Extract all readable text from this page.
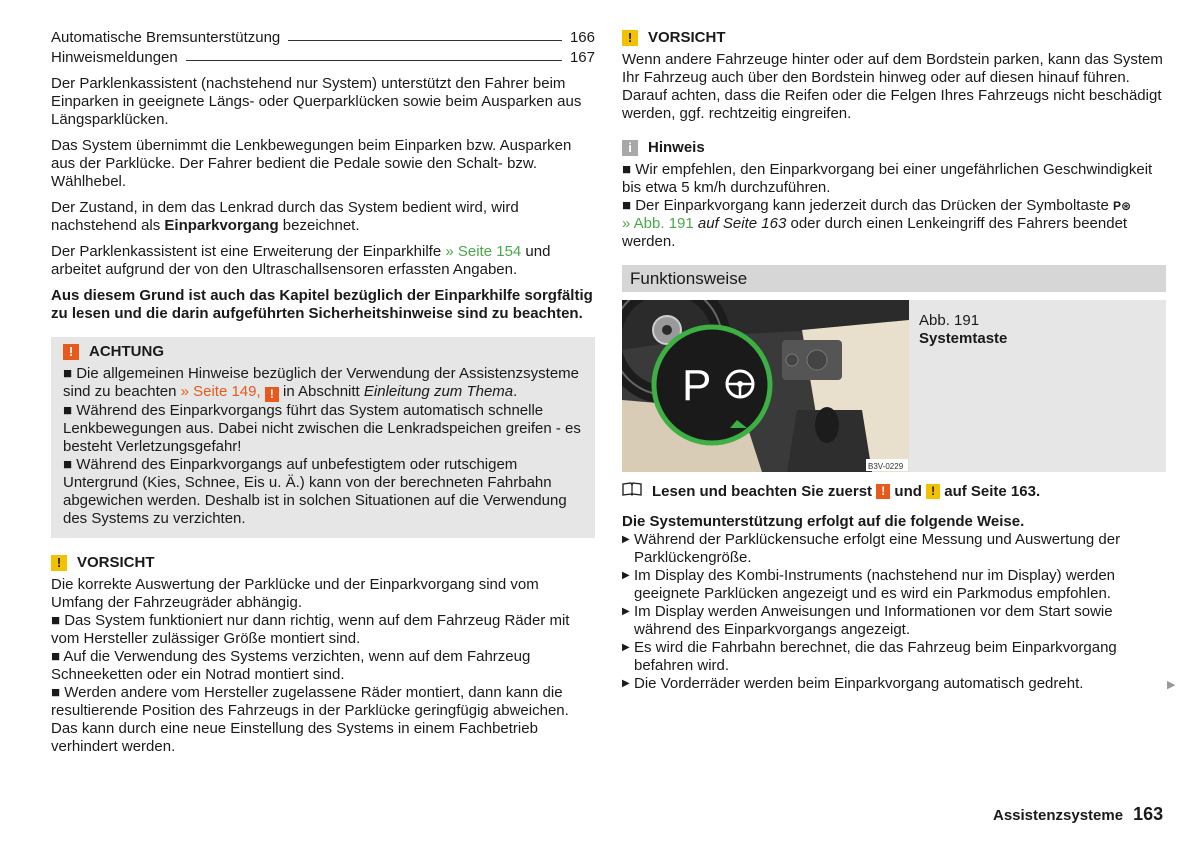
Automatische Bremsunterstützung	166
Hinweismeldungen	167

Der Parklenkassistent (nachstehend nur System) unterstützt den Fahrer beim Einparken in geeignete Längs- oder Querparklücken sowie beim Ausparken aus Längsparklücken.

Das System übernimmt die Lenkbewegungen beim Einparken bzw. Ausparken aus der Parklücke. Der Fahrer bedient die Pedale sowie den Schalt- bzw. Wählhebel.

Der Zustand, in dem das Lenkrad durch das System bedient wird, wird nachstehend als Einparkvorgang bezeichnet.

Der Parklenkassistent ist eine Erweiterung der Einparkhilfe » Seite 154 und arbeitet aufgrund der von den Ultraschallsensoren erfassten Angaben.

Aus diesem Grund ist auch das Kapitel bezüglich der Einparkhilfe sorgfältig zu lesen und die darin aufgeführten Sicherheitshinweise sind zu beachten.

!	ACHTUNG
■ Die allgemeinen Hinweise bezüglich der Verwendung der Assistenzsysteme sind zu beachten » Seite 149, ! in Abschnitt Einleitung zum Thema.
■ Während des Einparkvorgangs führt das System automatisch schnelle Lenkbewegungen aus. Dabei nicht zwischen die Lenkradspeichen greifen - es besteht Verletzungsgefahr!
■ Während des Einparkvorgangs auf unbefestigtem oder rutschigem Untergrund (Kies, Schnee, Eis u. Ä.) kann von der berechneten Fahrbahn abgewichen werden. Deshalb ist in solchen Situationen auf die Verwendung des Systems zu verzichten.
!	VORSICHT
Die korrekte Auswertung der Parklücke und der Einparkvorgang sind vom Umfang der Fahrzeugräder abhängig.
■ Das System funktioniert nur dann richtig, wenn auf dem Fahrzeug Räder mit vom Hersteller zulässiger Größe montiert sind.
■ Auf die Verwendung des Systems verzichten, wenn auf dem Fahrzeug Schneeketten oder ein Notrad montiert sind.
■ Werden andere vom Hersteller zugelassene Räder montiert, dann kann die resultierende Position des Fahrzeugs in der Parklücke geringfügig abweichen. Das kann durch eine neue Einstellung des Systems in einem Fachbetrieb verhindert werden.
!	VORSICHT
Wenn andere Fahrzeuge hinter oder auf dem Bordstein parken, kann das System Ihr Fahrzeug auch über den Bordstein hinweg oder auf diesen hinauf führen. Darauf achten, dass die Reifen oder die Felgen Ihres Fahrzeugs nicht beschädigt werden, ggf. rechtzeitig eingreifen.
i	Hinweis
■ Wir empfehlen, den Einparkvorgang bei einer ungefährlichen Geschwindigkeit bis etwa 5 km/h durchzuführen.
■ Der Einparkvorgang kann jederzeit durch das Drücken der Symboltaste P⊛
» Abb. 191 auf Seite 163 oder durch einen Lenkeingriff des Fahrers beendet werden.
Funktionsweise
P
B3V-0229
Abb. 191
Systemtaste
Lesen und beachten Sie zuerst ! und ! auf Seite 163.
Die Systemunterstützung erfolgt auf die folgende Weise.
▶ Während der Parklückensuche erfolgt eine Messung und Auswertung der Parklückengröße.
▶ Im Display des Kombi-Instruments (nachstehend nur im Display) werden geeignete Parklücken angezeigt und es wird ein Parkmodus empfohlen.
▶ Im Display werden Anweisungen und Informationen vor dem Start sowie während des Einparkvorgangs angezeigt.
▶ Es wird die Fahrbahn berechnet, die das Fahrzeug beim Einparkvorgang befahren wird.
▶ Die Vorderräder werden beim Einparkvorgang automatisch gedreht.	▶
Assistenzsysteme 163
